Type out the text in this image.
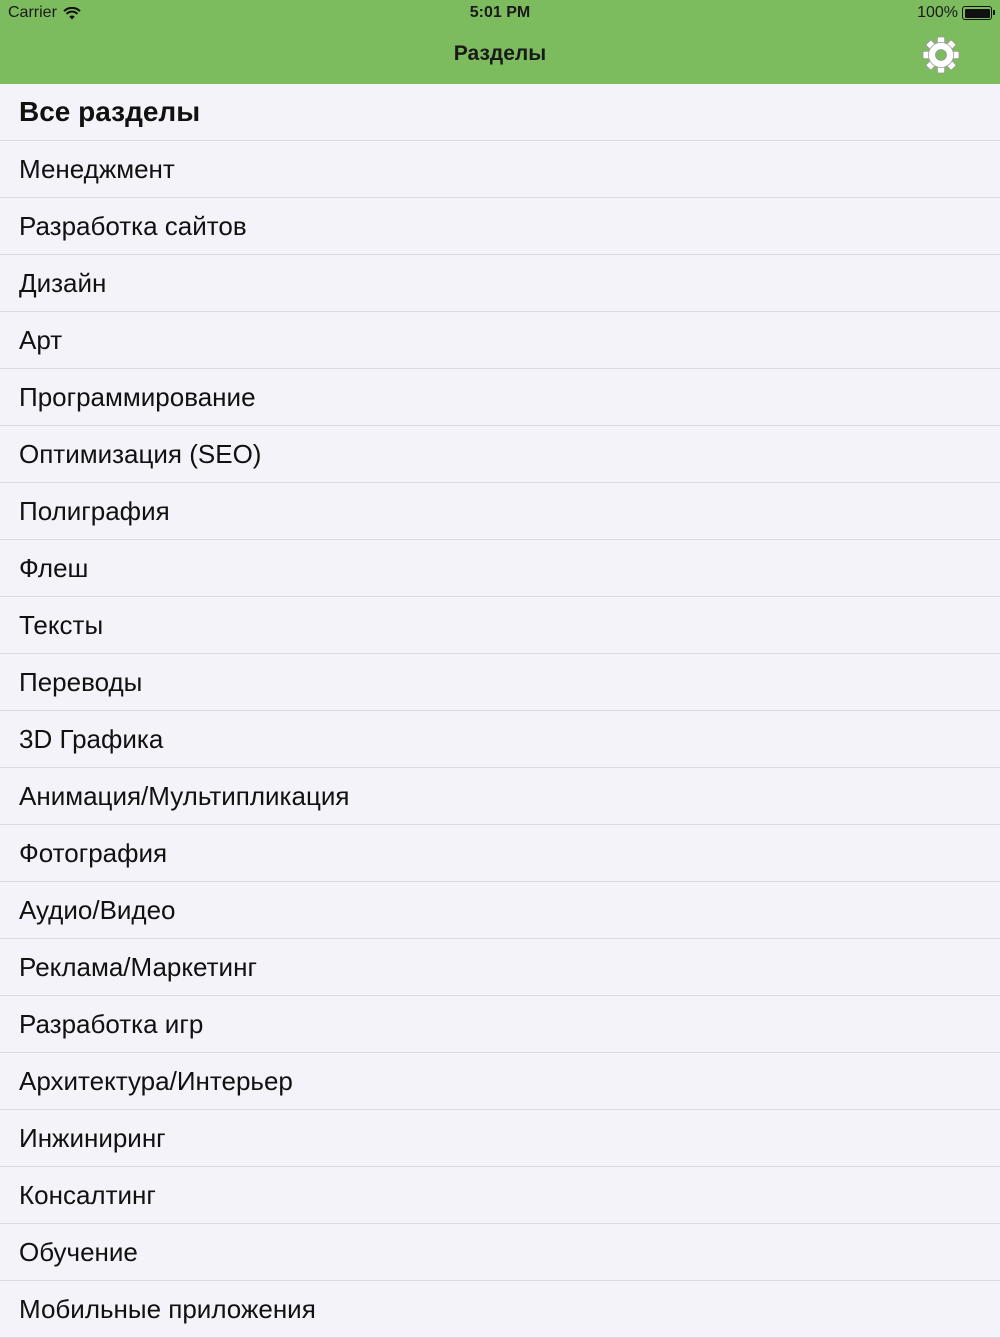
Carrier	5:01 PM	100%
Разделы
Все разделы
Менеджмент
Разработка сайтов
Дизайн
Арт
Программирование
Оптимизация (SEO)
Полиграфия
Флеш
Тексты
Переводы
3D Графика
Анимация/Мультипликация
Фотография
Аудио/Видео
Реклама/Маркетинг
Разработка игр
Архитектура/Интерьер
Инжиниринг
Консалтинг
Обучение
Мобильные приложения
